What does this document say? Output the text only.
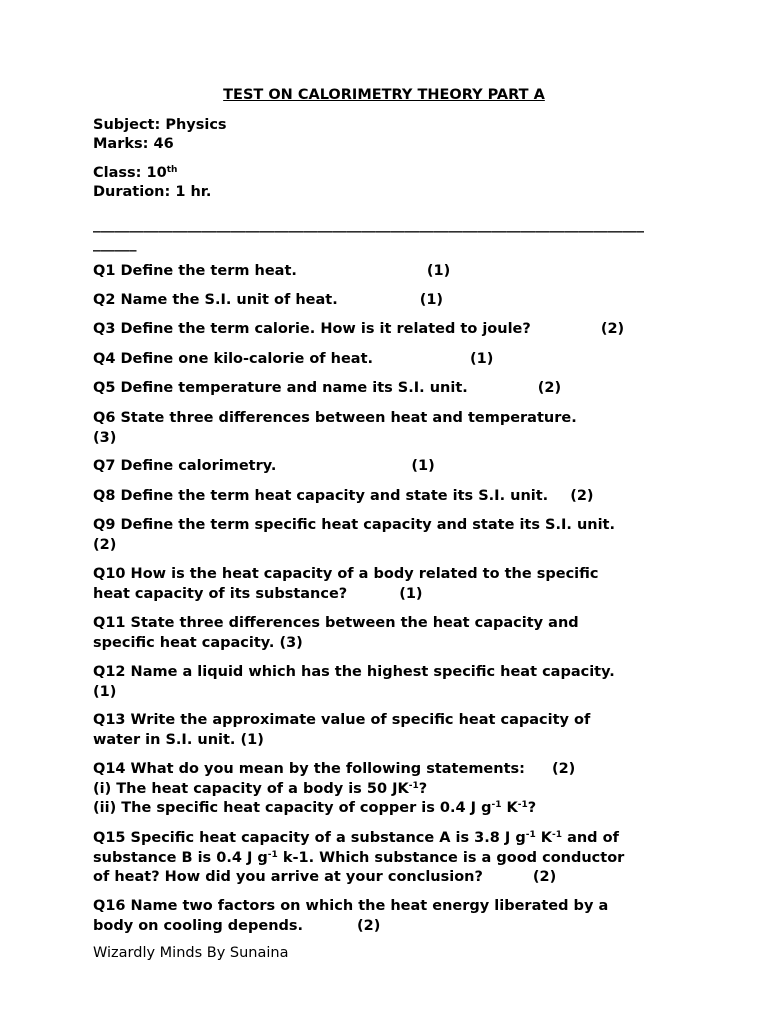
TEST ON CALORIMETRY THEORY PART A
Subject: Physics
Marks: 46
Class: 10th
Duration: 1 hr.
____________________________________________________________________________
______
Q1 Define the term heat.	(1)
Q2 Name the S.I. unit of heat.	(1)
Q3 Define the term calorie. How is it related to joule?	(2)
Q4 Define one kilo-calorie of heat.	(1)
Q5 Define temperature and name its S.I. unit.	(2)
Q6 State three differences between heat and temperature.
(3)
Q7 Define calorimetry.	(1)
Q8 Define the term heat capacity and state its S.I. unit. (2)
Q9 Define the term specific heat capacity and state its S.I. unit.
(2)
Q10 How is the heat capacity of a body related to the specific
heat capacity of its substance?	(1)
Q11 State three differences between the heat capacity and
specific heat capacity. (3)
Q12 Name a liquid which has the highest specific heat capacity.
(1)
Q13 Write the approximate value of specific heat capacity of
water in S.I. unit. (1)
Q14 What do you mean by the following statements: (2)
(i) The heat capacity of a body is 50 $JK^{-1}$?
(ii) The specific heat capacity of copper is 0.4 J $g^{-1}$ $K^{-1}$?
Q15 Specific heat capacity of a substance A is 3.8 J $g^{-1}$ $K^{-1}$ and of
substance B is 0.4 J $g^{-1}$ k-1. Which substance is a good conductor
of heat? How did you arrive at your conclusion?	(2)
Q16 Name two factors on which the heat energy liberated by a
body on cooling depends.	(2)
Wizardly Minds By Sunaina
